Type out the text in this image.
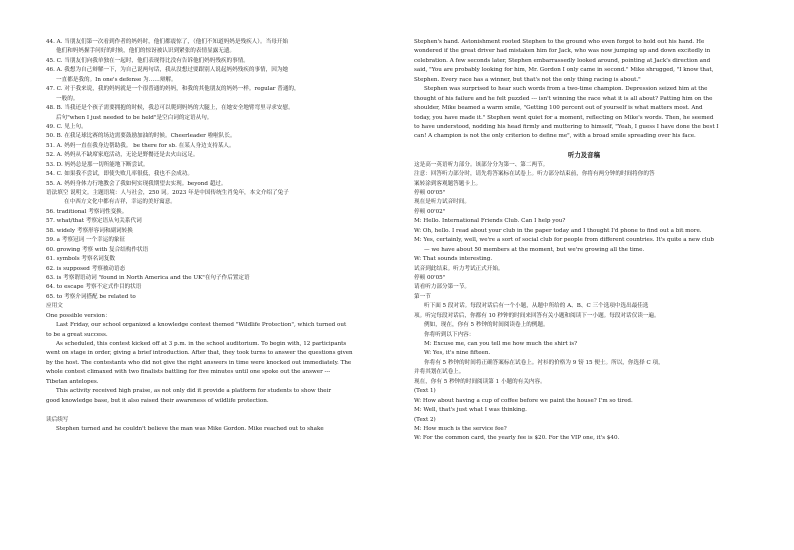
44. A. 当朋友们第一次看到作者的妈妈时，他们都震惊了，（他们不知道妈妈是残疾人）。当母开始
他们和妈妈握手问好的时候，他们的惊讶被认识到紧张的表情显露无遗。
45. C. 当朋友们向我单独在一起时，他们表现得比没有告诉他们妈妈残疾的事情。
46. A. 我想为自己辩解一下，为自己说两句话，我从没想过要跟别人说起妈妈残疾的事情，因为她
一直都是我的。In one's defense 为……辩解。
47. C. 对于我来说，我的妈妈就是一个很普通的妈妈，和我的其他朋友的妈妈一样。regular 普通的，
一般的。
48. B. 当我还是个孩子需要拥抱的时候，我总可以爬到妈妈的大腿上，在她安全地臂弯里寻求安慰。
后句"when I just needed to be held"是空白词的定语从句。
49. C. 见上句。
50. B. 在我足球比赛的场边需要鼓励加油的时候。Cheerleader 啦啦队长。
51. A. 妈妈一直在我身边帮助我。 be there for sb. 在某人身边支持某人。
52. A. 妈妈从不缺席家庭活动，无论是野餐还是去火山远足。
53. D. 妈妈总是那一切所能地下断尝试。
54. C. 如果我不尝试，即使失败几率很低，我也不会成功。
55. A. 妈妈身体力行地教会了我如何实现我期望去实现。beyond 超过。
语法填空 说明文。主题语境：人与社会，250 词。2023 年是中国传统生肖兔年，本文介绍了兔子
在中西方文化中都有吉祥，幸运的美好寓意。
56. traditional 考察词性变换。
57. what/that 考察定语从句关系代词
58. widely 考察形容词和副词转换
59. a 考察冠词 一个幸运的象征
60. growing 考察 with 复合结构作状语
61. symbols 考察名词复数
62. is supposed 考察被动语态
63. is 考察谓语动词 "found in North America and the UK"在句子作后置定语
64. to escape 考察不定式作目的状语
65. to 考察介词搭配 be related to
应用文
One possible version：
Last Friday, our school organized a knowledge contest themed "Wildlife Protection", which turned out
to be a great success.
As scheduled, this contest kicked off at 3 p.m. in the school auditorium. To begin with, 12 participants
went on stage in order, giving a brief introduction. After that, they took turns to answer the questions given
by the host. The contestants who did not give the right answers in time were knocked out immediately. The
whole contest climaxed with two finalists battling for five minutes until one spoke out the answer ---
Tibetan antelopes.
This activity received high praise, as not only did it provide a platform for students to show their
good knowledge base, but it also raised their awareness of wildlife protection.
读后续写
Stephen turned and he couldn't believe the man was Mike Gordon. Mike reached out to shake
Stephen's hand. Astonishment rooted Stephen to the ground who even forgot to hold out his hand. He
wondered if the great driver had mistaken him for Jack, who was now jumping up and down excitedly in
celebration. A few seconds later, Stephen embarrassedly looked around, pointing at Jack's direction and
said, "You are probably looking for him, Mr. Gordon I only came in second." Mike shrugged, "I know that,
Stephen. Every race has a winner, but that's not the only thing racing is about."
Stephen was surprised to hear such words from a two-time champion. Depression seized him at the
thought of his failure and he felt puzzled --- isn't winning the race what it is all about? Patting him on the
shoulder, Mike beamed a warm smile, "Getting 100 percent out of yourself is what matters most. And
today, you have made it." Stephen went quiet for a moment, reflecting on Mike's words. Then, he seemed
to have understood, nodding his head firmly and muttering to himself, "Yeah, I guess I have done the best I
can! A champion is not the only criterion to define me", with a broad smile spreading over his face.
听力及音稿
这是高一英语听力部分。该部分分为第一、第二两节。
注意：回答听力部分时，请先将答案标在试卷上。听力部分结束前，你将有两分钟的时间将你的答
案转涂到客观题答题卡上。
停顿 00'05"
现在是听力试音时间。
停顿 00'02"
M: Hello. International Friends Club. Can I help you?
W: Oh, hello. I read about your club in the paper today and I thought I'd phone to find out a bit more.
M: Yes, certainly, well, we're a sort of social club for people from different countries. It's quite a new club
— we have about 50 members at the moment, but we're growing all the time.
W: That sounds interesting.
试音到此结束。听力考试正式开始。
停顿 00'05"
请看听力部分第一节。
第一节
听下面 5 段对话。每段对话后有一个小题，从题中所给的 A、B、C 三个选项中选出最佳选
项。听完每段对话后，你都有 10 秒钟的时间来回答有关小题和阅读下一小题。每段对话仅读一遍。
例如，现在，你有 5 秒钟的时间阅读卷上的例题。
你将听到以下内容：
M: Excuse me, can you tell me how much the shirt is?
W: Yes, it's nine fifteen.
你将有 5 秒钟的时间将正确答案标在试卷上。衬衫的价格为 9 镑 15 便士。所以，你选择 C 项，
并将其划在试卷上。
现在，你有 5 秒钟的时间阅读第 1 小题的有关内容。
(Text 1)
W: How about having a cup of coffee before we paint the house? I'm so tired.
M: Well, that's just what I was thinking.
(Text 2)
M: How much is the service fee?
W: For the common card, the yearly fee is $20. For the VIP one, it's $40.
